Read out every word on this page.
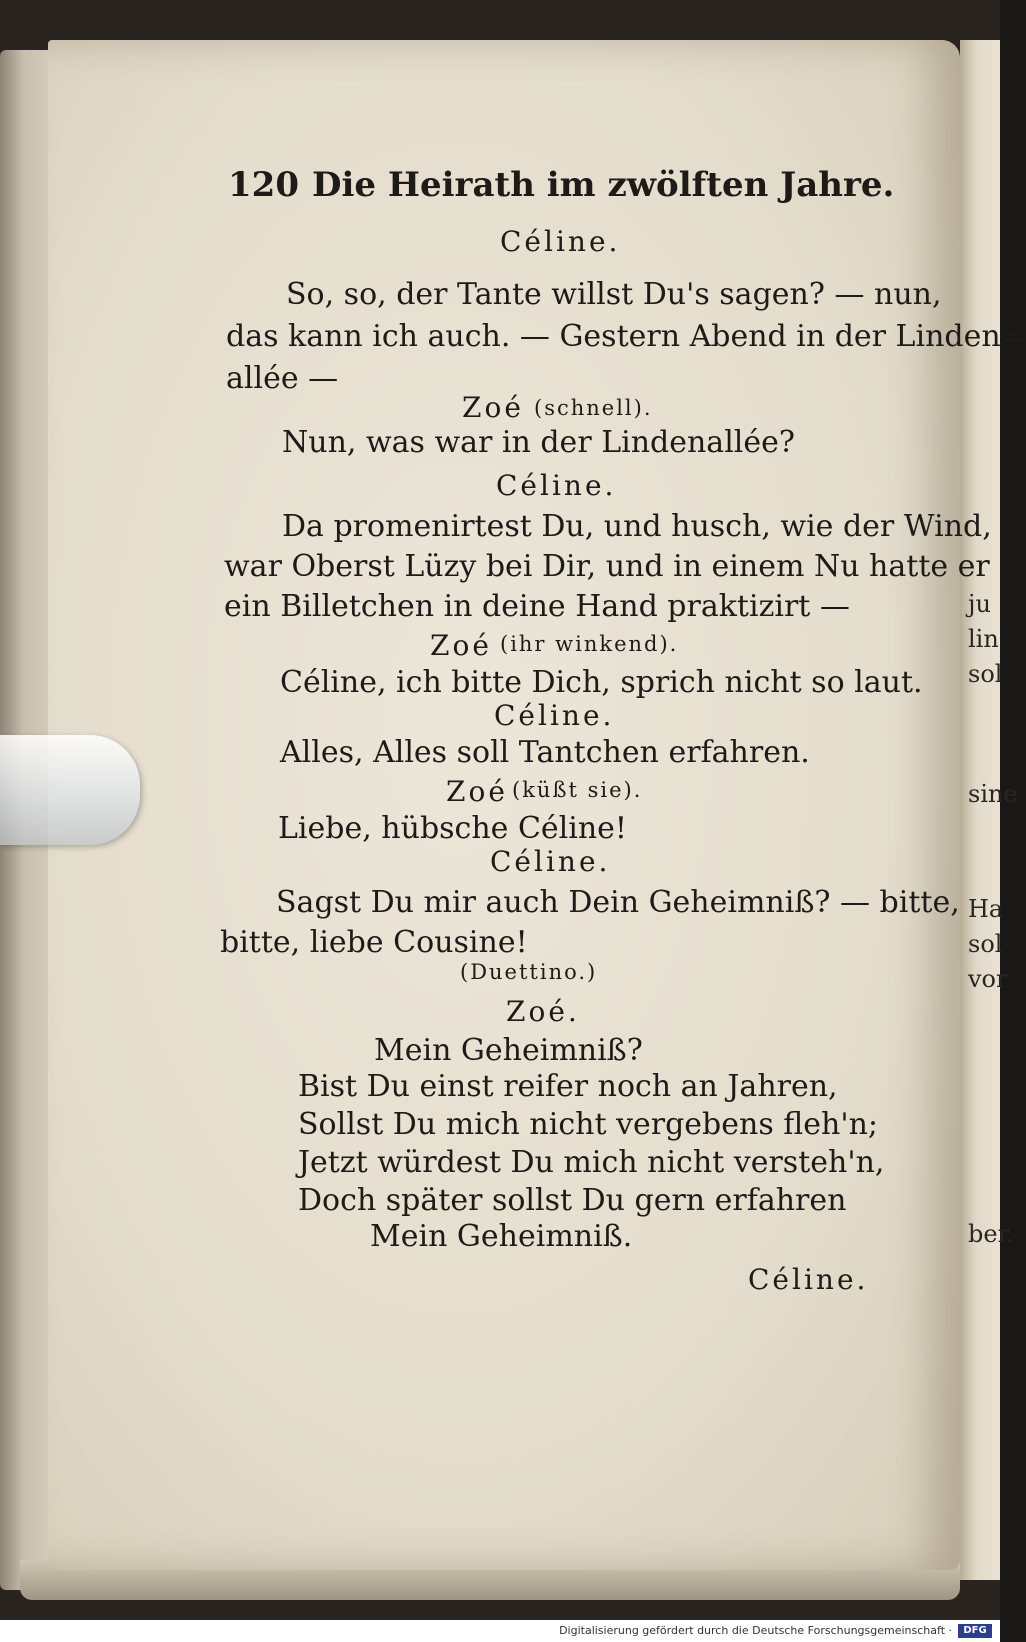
120 Die Heirath im zwölften Jahre.
Céline.
So, so, der Tante willst Du's sagen? — nun,
das kann ich auch. — Gestern Abend in der Linden=
allée —
Zoé (schnell).
Nun, was war in der Lindenallée?
Céline.
Da promenirtest Du, und husch, wie der Wind,
war Oberst Lüzy bei Dir, und in einem Nu hatte er
ein Billetchen in deine Hand praktizirt —
Zoé (ihr winkend).
Céline, ich bitte Dich, sprich nicht so laut.
Céline.
Alles, Alles soll Tantchen erfahren.
Zoé (küßt sie).
Liebe, hübsche Céline!
Céline.
Sagst Du mir auch Dein Geheimniß? — bitte,
bitte, liebe Cousine!
(Duettino.)
Zoé.
Mein Geheimniß?
Bist Du einst reifer noch an Jahren,
Sollst Du mich nicht vergebens fleh'n;
Jetzt würdest Du mich nicht versteh'n,
Doch später sollst Du gern erfahren
Mein Geheimniß.
Céline.
ju
lin
sol
sine
Ha
sol
vor
ber.
Digitalisierung gefördert durch die Deutsche Forschungsgemeinschaft ·	DFG
